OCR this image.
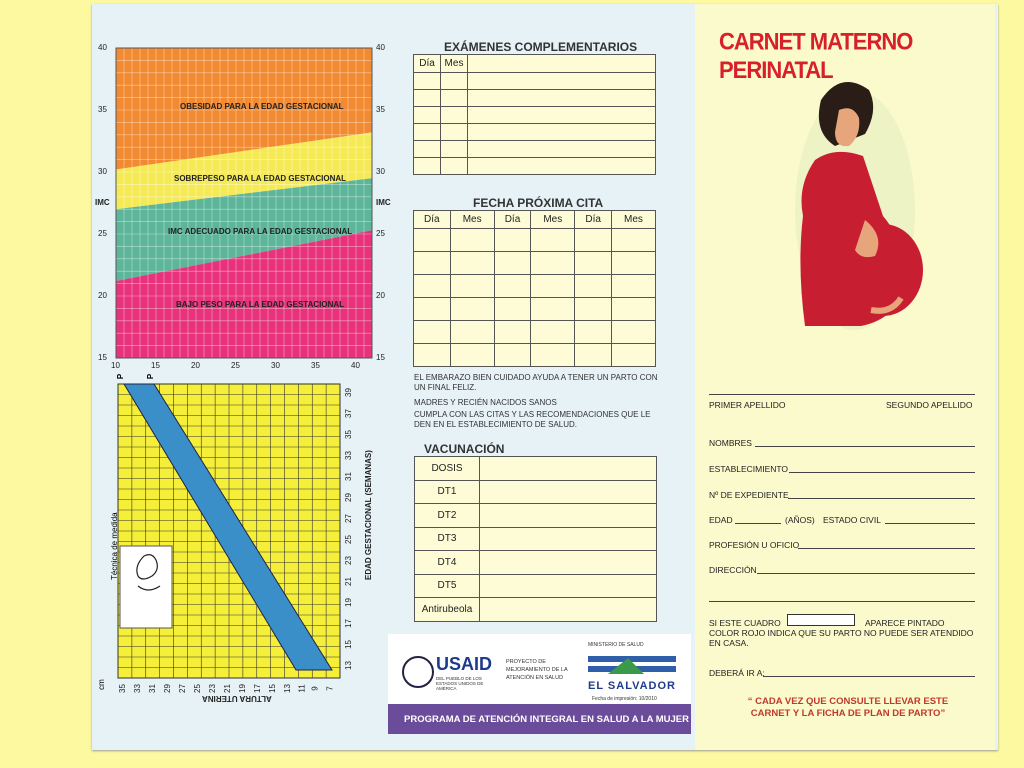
OBESIDAD PARA LA EDAD GESTACIONAL
SOBREPESO PARA LA EDAD GESTACIONAL
IMC ADECUADO PARA LA EDAD GESTACIONAL
BAJO PESO PARA LA EDAD GESTACIONAL
IMC	IMC
40
35
30
25
20
15
40
35
30
25
20
15
10	15	20	25	30	35	40
P	P
Técnica de medida
35 33 31 29 27 25 23 21 19 17 15 13 11 9 7
39
37
35
33
31
29
27
25
23
21
19
17
15
13
cm
ALTURA UTERINA
EDAD GESTACIONAL (SEMANAS)
EXÁMENES COMPLEMENTARIOS
Día	Mes	

FECHA PRÓXIMA CITA
Día	Mes	Día	Mes	Día	Mes

EL EMBARAZO BIEN CUIDADO AYUDA A TENER UN PARTO CON UN FINAL FELIZ.
MADRES Y RECIÉN NACIDOS SANOS
CUMPLA CON LAS CITAS Y LAS RECOMENDACIONES QUE LE DEN EN EL ESTABLECIMIENTO DE SALUD.
VACUNACIÓN
DOSIS	
DT1	
DT2	
DT3	
DT4	
DT5	
Antirubeola	
USAID
DEL PUEBLO DE LOS ESTADOS UNIDOS DE AMÉRICA
PROYECTO DE MEJORAMIENTO DE LA ATENCIÓN EN SALUD
MINISTERIO DE SALUD
EL SALVADOR
Fecha de impresión: 10/2010
PROGRAMA DE ATENCIÓN INTEGRAL EN SALUD A LA MUJER
CARNET MATERNO PERINATAL
PRIMER APELLIDO	SEGUNDO APELLIDO
NOMBRES
ESTABLECIMIENTO
Nº DE EXPEDIENTE
EDAD	(AÑOS) ESTADO CIVIL
PROFESIÓN U OFICIO
DIRECCIÓN
SI ESTE CUADRO	APARECE PINTADO COLOR ROJO INDICA QUE SU PARTO NO PUEDE SER ATENDIDO EN CASA.
DEBERÁ IR A:
“ CADA VEZ QUE CONSULTE LLEVAR ESTE CARNET Y LA FICHA DE PLAN DE PARTO”
